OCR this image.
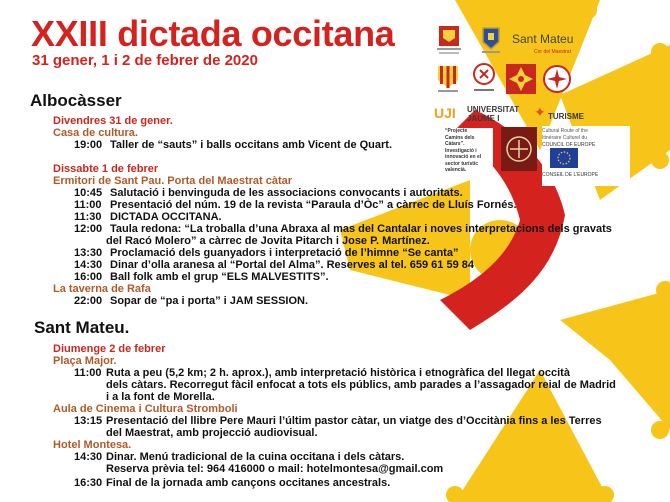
XXIII dictada occitana
31 gener, 1 i 2 de febrer de 2020
Albocàsser
Divendres 31 de gener.
Casa de cultura.
19:00 Taller de “sauts” i balls occitans amb Vicent de Quart.
Dissabte 1 de febrer
Ermitori de Sant Pau. Porta del Maestrat càtar
10:45 Salutació i benvinguda de les associacions convocants i autoritats.
11:00 Presentació del núm. 19 de la revista “Paraula d’Òc” a càrrec de Lluís Fornés.
11:30 DICTADA OCCITANA.
12:00 Taula redona: “La troballa d’una Abraxa al mas del Cantalar i noves interpretacions dels gravats
del Racó Molero” a càrrec de Jovita Pitarch i Jose P. Martínez.
13:30 Proclamació dels guanyadors i interpretació de l’himne “Se canta”
14:30 Dinar d’olla aranesa al “Portal del Alma”. Reserves al tel. 659 61 59 84
16:00 Ball folk amb el grup “ELS MALVESTITS”.
La taverna de Rafa
22:00 Sopar de “pa i porta” i JAM SESSION.
Sant Mateu.
Diumenge 2 de febrer
Plaça Major.
11:00 Ruta a peu (5,2 km; 2 h. aprox.), amb interpretació històrica i etnogràfica del llegat occità
dels càtars. Recorregut fàcil enfocat a tots els públics, amb parades a l’assagador reial de Madrid
i a la font de Morella.
Aula de Cinema i Cultura Stromboli
13:15 Presentació del llibre Pere Mauri l’últim pastor càtar, un viatge des d’Occitània fins a les Terres
del Maestrat, amb projecció audiovisual.
Hotel Montesa.
14:30 Dinar. Menú tradicional de la cuina occitana i dels càtars.
Reserva prèvia tel: 964 416000 o mail: hotelmontesa@gmail.com
16:30 Final de la jornada amb cançons occitanes ancestrals.
Sant Mateu
Cor del Maestrat
UJI UNIVERSITAT
JAUME I ✦ TURISME
“Projecte
Camins dels
Càtars”.
Investigació i
innovació en el
sector turístic
valencià.
Cultural Route of the
Itinéraire Culturel du
COUNCIL OF EUROPE
CONSEIL DE L’EUROPE
